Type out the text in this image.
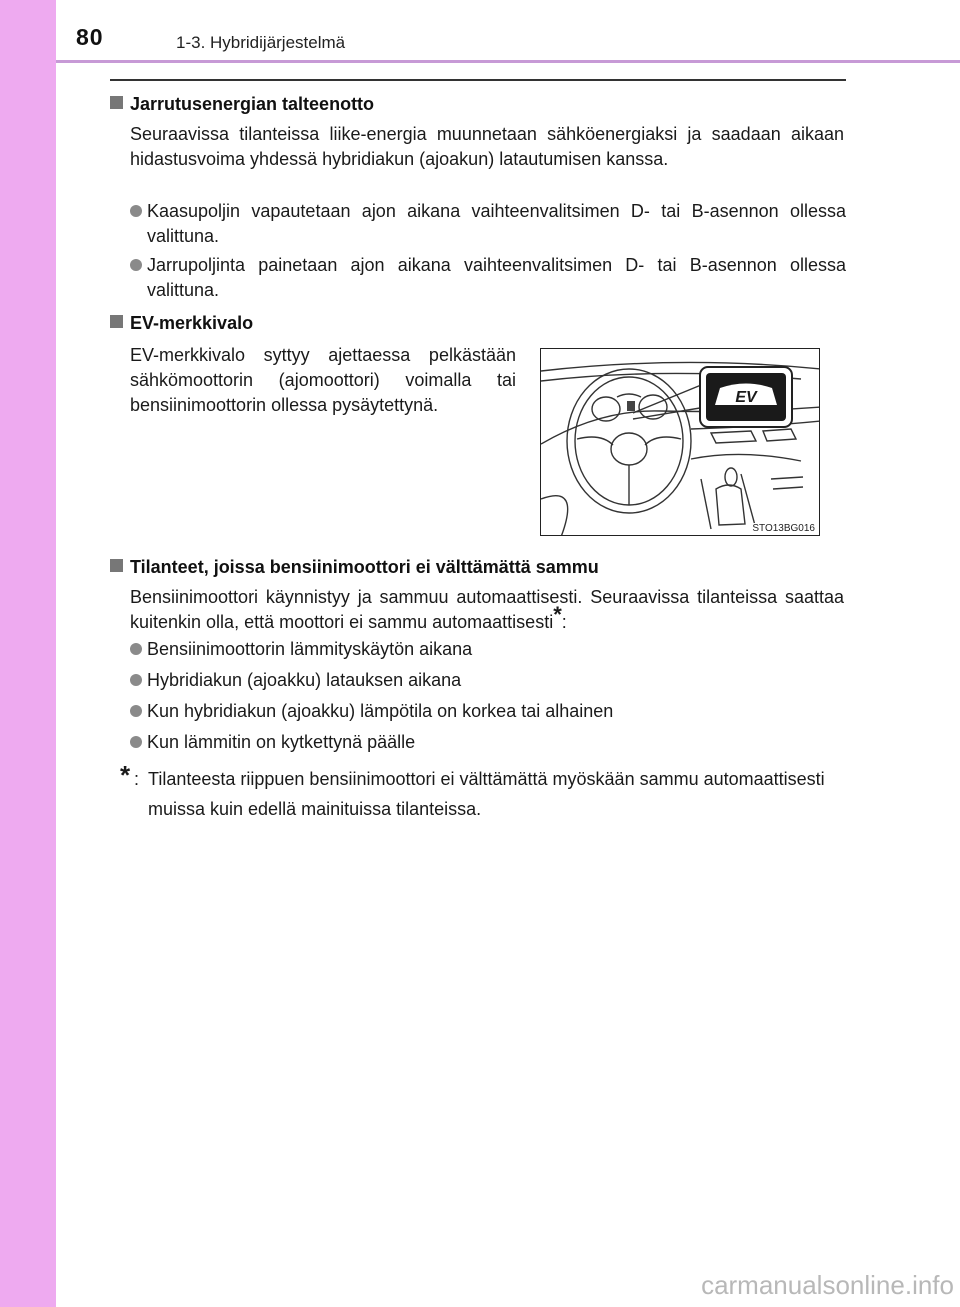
80	1-3. Hybridijärjestelmä
Jarrutusenergian talteenotto
Seuraavissa tilanteissa liike-energia muunnetaan sähköenergiaksi ja saadaan aikaan hidastusvoima yhdessä hybridiakun (ajoakun) latautumisen kanssa.
Kaasupoljin vapautetaan ajon aikana vaihteenvalitsimen D- tai B-asennon ollessa valittuna.
Jarrupoljinta painetaan ajon aikana vaihteenvalitsimen D- tai B-asennon ollessa valittuna.
EV-merkkivalo
EV-merkkivalo syttyy ajettaessa pelkästään sähkömoottorin (ajomoottori) voimalla tai bensiinimoottorin ollessa pysäytettynä.	EV
STO13BG016
Tilanteet, joissa bensiinimoottori ei välttämättä sammu
Bensiinimoottori käynnistyy ja sammuu automaattisesti. Seuraavissa tilanteissa saattaa kuitenkin olla, että moottori ei sammu automaattisesti*:
Bensiinimoottorin lämmityskäytön aikana
Hybridiakun (ajoakku) latauksen aikana
Kun hybridiakun (ajoakku) lämpötila on korkea tai alhainen
Kun lämmitin on kytkettynä päälle
* : Tilanteesta riippuen bensiinimoottori ei välttämättä myöskään sammu automaattisesti muissa kuin edellä mainituissa tilanteissa.
carmanualsonline.info
